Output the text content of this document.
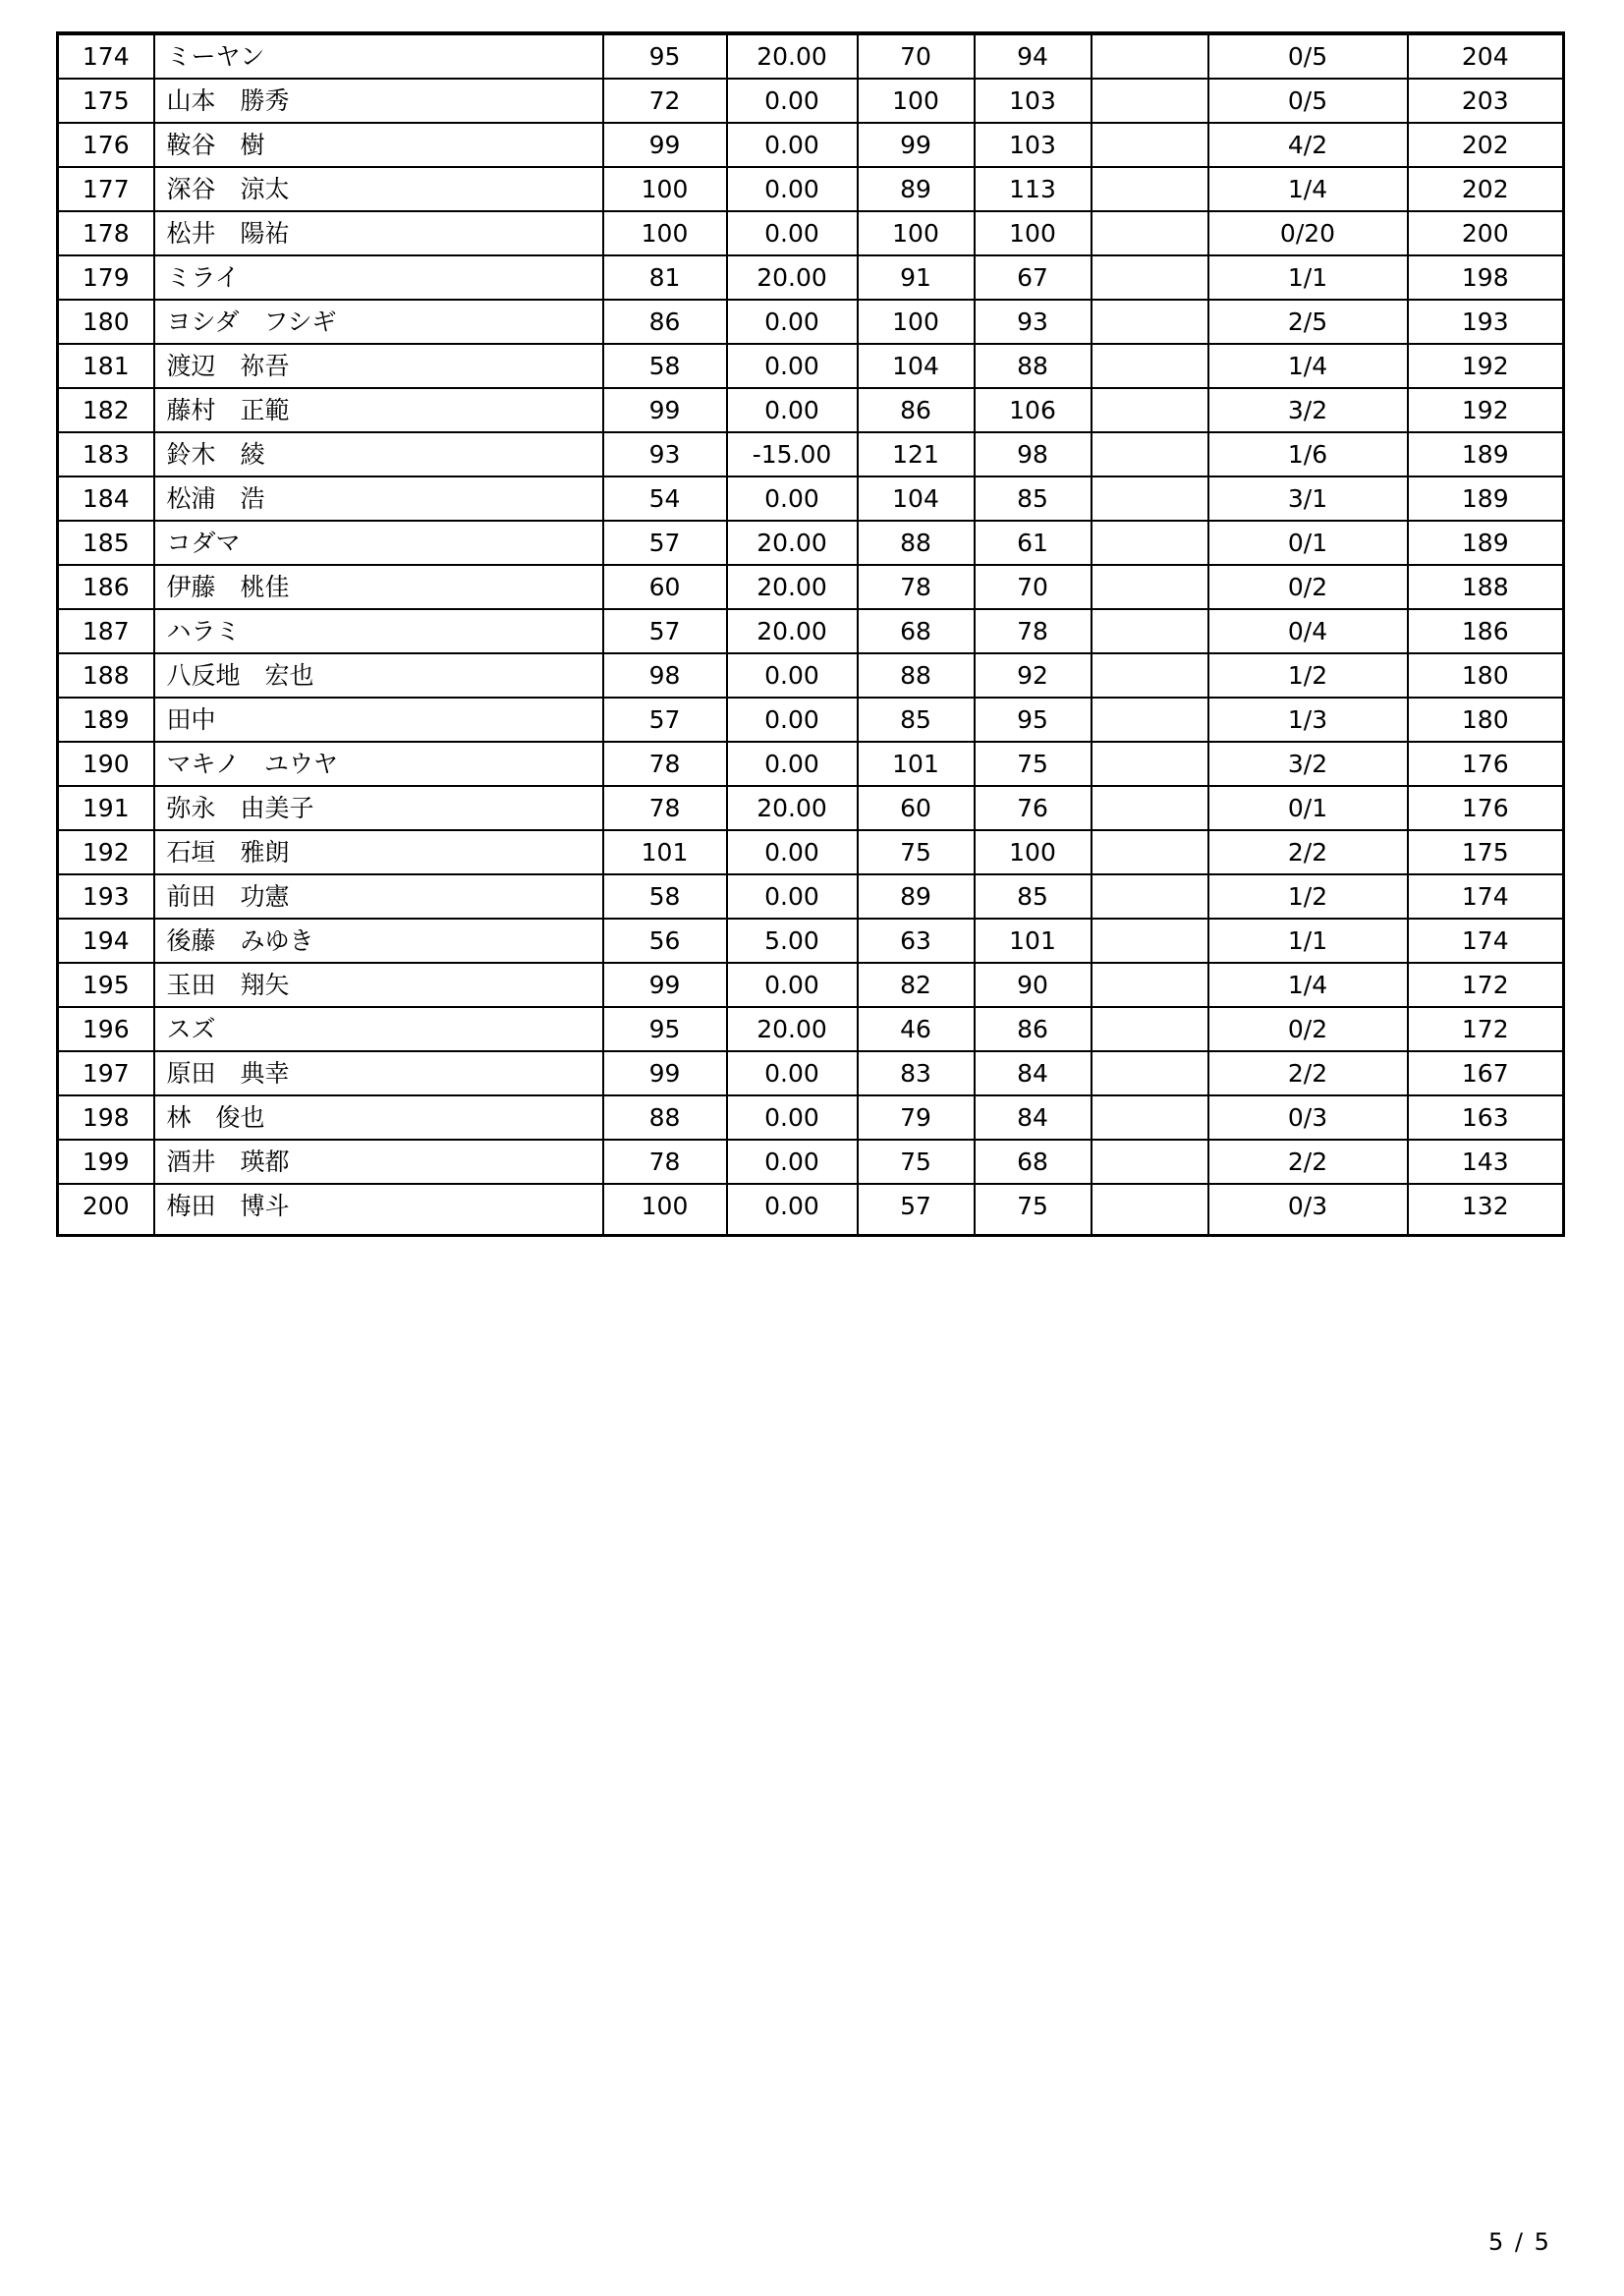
174	ミーヤン	95	20.00	70	94		0/5	204
175	山本　勝秀	72	0.00	100	103		0/5	203
176	鞍谷　樹	99	0.00	99	103		4/2	202
177	深谷　涼太	100	0.00	89	113		1/4	202
178	松井　陽祐	100	0.00	100	100		0/20	200
179	ミライ	81	20.00	91	67		1/1	198
180	ヨシダ　フシギ	86	0.00	100	93		2/5	193
181	渡辺　祢吾	58	0.00	104	88		1/4	192
182	藤村　正範	99	0.00	86	106		3/2	192
183	鈴木　綾	93	-15.00	121	98		1/6	189
184	松浦　浩	54	0.00	104	85		3/1	189
185	コダマ	57	20.00	88	61		0/1	189
186	伊藤　桃佳	60	20.00	78	70		0/2	188
187	ハラミ	57	20.00	68	78		0/4	186
188	八反地　宏也	98	0.00	88	92		1/2	180
189	田中	57	0.00	85	95		1/3	180
190	マキノ　ユウヤ	78	0.00	101	75		3/2	176
191	弥永　由美子	78	20.00	60	76		0/1	176
192	石垣　雅朗	101	0.00	75	100		2/2	175
193	前田　功憲	58	0.00	89	85		1/2	174
194	後藤　みゆき	56	5.00	63	101		1/1	174
195	玉田　翔矢	99	0.00	82	90		1/4	172
196	スズ	95	20.00	46	86		0/2	172
197	原田　典幸	99	0.00	83	84		2/2	167
198	林　俊也	88	0.00	79	84		0/3	163
199	酒井　瑛都	78	0.00	75	68		2/2	143
200	梅田　博斗	100	0.00	57	75		0/3	132
5 / 5
